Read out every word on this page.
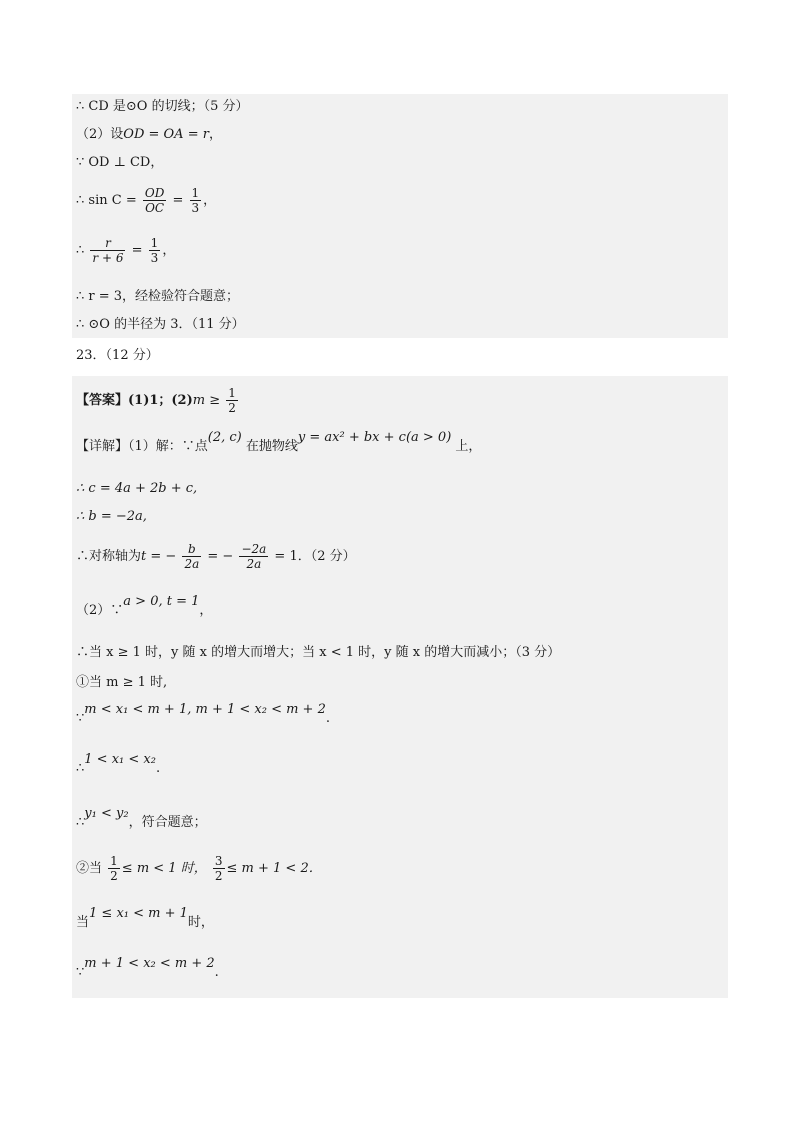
∴ CD 是⊙O 的切线；（5 分）
（2）设OD = OA = r，
∵ OD ⊥ CD，
∴ $\sin C = \frac{OD}{OC} = \frac{1}{3}$ ，
∴ $\frac{r}{r + 6} = \frac{1}{3}$ ，
∴ r = 3，经检验符合题意；
∴ ⊙O 的半径为 3．（11 分）
23．（12 分）
【答案】(1)1；$(2)m \ge \frac{1}{2}$
【详解】（1）解：∵点(2, c) 在抛物线y = ax² + bx + c(a > 0) 上，
∴ c = 4a + 2b + c,
∴ b = −2a,
∴对称轴为t = − $\frac{b}{2a}$ = − $\frac{-2a}{2a} = 1$．（2 分）
（2）∵a > 0, t = 1，
∴当 x ≥ 1 时，y 随 x 的增大而增大；当 x < 1 时，y 随 x 的增大而减小；（3 分）
①当 m ≥ 1 时,
∵m < x₁ < m + 1, m + 1 < x₂ < m + 2.
∴1 < x₁ < x₂.
∴y₁ < y₂，符合题意；
②当 $\frac{1}{2} \le m < 1$ 时， $\frac{3}{2} \le m + 1 < 2$．
当1 ≤ x₁ < m + 1时，
∵m + 1 < x₂ < m + 2.
